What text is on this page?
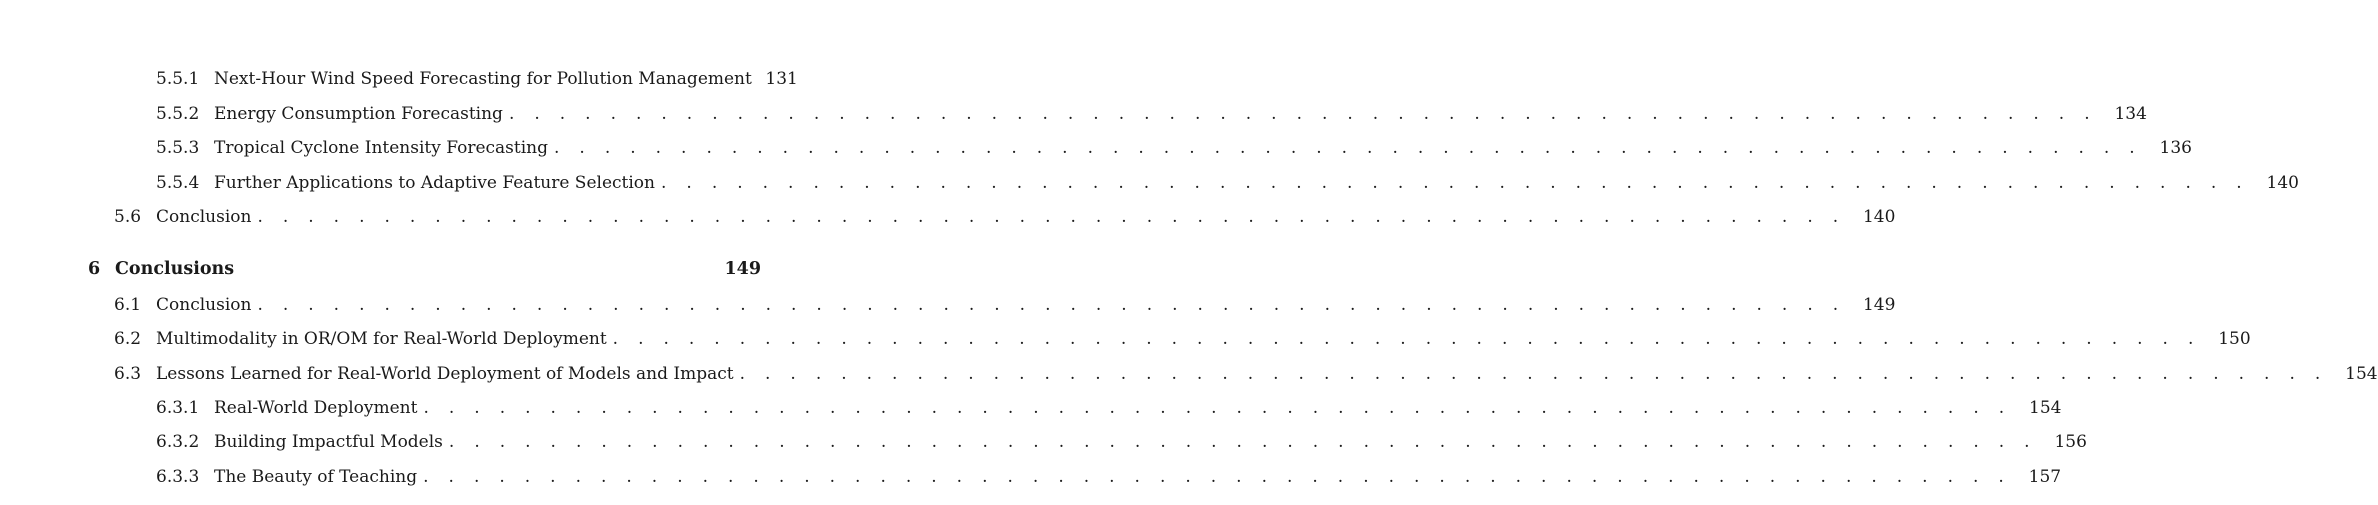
5.5.1 Next-Hour Wind Speed Forecasting for Pollution Management 131
5.5.2 Energy Consumption Forecasting . . . . . . . . . . . . . . . . . . . . . . . . . . . . . . . . . . . . . . . . . . . . . . . . . . . . . . . . . . . . . . .	134
5.5.3 Tropical Cyclone Intensity Forecasting . . . . . . . . . . . . . . . . . . . . . . . . . . . . . . . . . . . . . . . . . . . . . . . . . . . . . . . . . . . . . . .	136
5.5.4 Further Applications to Adaptive Feature Selection . . . . . . . . . . . . . . . . . . . . . . . . . . . . . . . . . . . . . . . . . . . . . . . . . . . . . . . . . . . . . . .	140
5.6 Conclusion . . . . . . . . . . . . . . . . . . . . . . . . . . . . . . . . . . . . . . . . . . . . . . . . . . . . . . . . . . . . . . .	140
6 Conclusions	149
6.1 Conclusion . . . . . . . . . . . . . . . . . . . . . . . . . . . . . . . . . . . . . . . . . . . . . . . . . . . . . . . . . . . . . . .	149
6.2 Multimodality in OR/OM for Real-World Deployment . . . . . . . . . . . . . . . . . . . . . . . . . . . . . . . . . . . . . . . . . . . . . . . . . . . . . . . . . . . . . . .	150
6.3 Lessons Learned for Real-World Deployment of Models and Impact . . . . . . . . . . . . . . . . . . . . . . . . . . . . . . . . . . . . . . . . . . . . . . . . . . . . . . . . . . . . . . .	154
6.3.1 Real-World Deployment . . . . . . . . . . . . . . . . . . . . . . . . . . . . . . . . . . . . . . . . . . . . . . . . . . . . . . . . . . . . . . .	154
6.3.2 Building Impactful Models . . . . . . . . . . . . . . . . . . . . . . . . . . . . . . . . . . . . . . . . . . . . . . . . . . . . . . . . . . . . . . .	156
6.3.3 The Beauty of Teaching . . . . . . . . . . . . . . . . . . . . . . . . . . . . . . . . . . . . . . . . . . . . . . . . . . . . . . . . . . . . . . .	157
